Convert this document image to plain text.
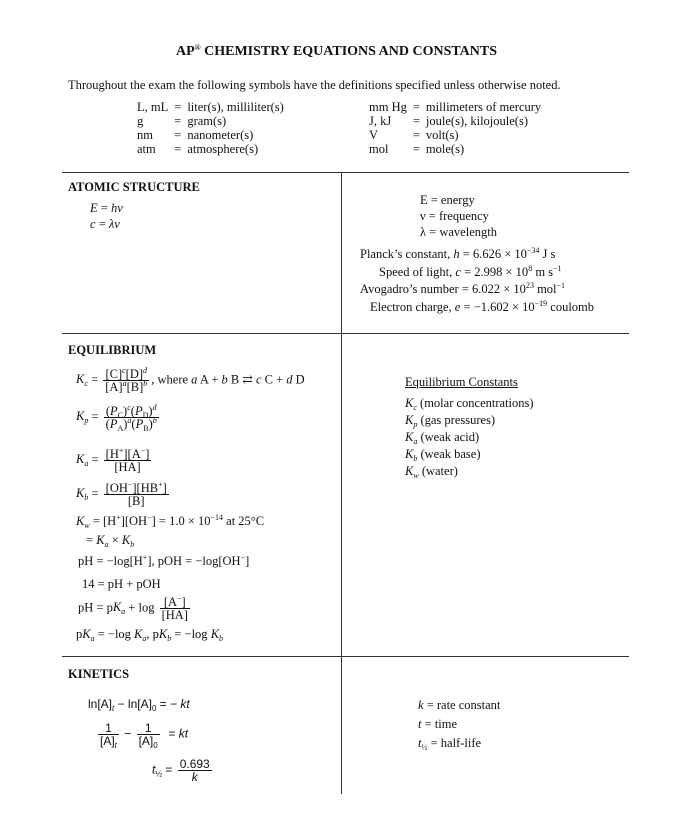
AP® CHEMISTRY EQUATIONS AND CONSTANTS
Throughout the exam the following symbols have the definitions specified unless otherwise noted.
L, mL	=	liter(s), milliliter(s)
g	=	gram(s)
nm	=	nanometer(s)
atm	=	atmosphere(s)
mm Hg	=	millimeters of mercury
J, kJ	=	joule(s), kilojoule(s)
V	=	volt(s)
mol	=	mole(s)
ATOMIC STRUCTURE
E = hν
c = λν
E = energy
ν = frequency
λ = wavelength
Planck’s constant, $h = 6.626 \times 10^{-34}$ J s
Speed of light, $c = 2.998 \times 10^8$ m $s^{-1}$
Avogadro’s number = $6.022 \times 10^{23}$ mol$^{-1}$
Electron charge, $e = -1.602 \times 10^{-19}$ coulomb
EQUILIBRIUM
$K_c = \frac{[C]^c[D]^d}{[A]^a[B]^b}$ , where a A + b B ⇄ c C + d D
$K_p = \frac{(P_C)^c(P_D)^d}{(P_A)^a(P_B)^b}$
$K_a = \frac{[H^+][A^-]}{[HA]}$
$K_b = \frac{[OH^-][HB^+]}{[B]}$
$K_w = [H^+][OH^-] = 1.0 \times 10^{-14}$ at 25°C
= $K_a \times K_b$
pH = −log[H+], pOH = −log[OH−]
14 = pH + pOH
pH = $pK_a + \log \frac{[A^-]}{[HA]}$
$pK_a = -\log$ $K_a$, $pK_b = -\log$ $K_b$
Equilibrium Constants
$K_c$ (molar concentrations)
$K_p$ (gas pressures)
$K_a$ (weak acid)
$K_b$ (weak base)
$K_w$ (water)
KINETICS
$\ln[A]_t - \ln[A]_0$ = − kt
$\frac{1}{[A]_t} - \frac{1}{[A]_0}$ = kt
$t_{\frac{1}{2}} = \frac{0.693}{k}$
k = rate constant
t = time
$t_{\frac{1}{2}}$ = half-life
